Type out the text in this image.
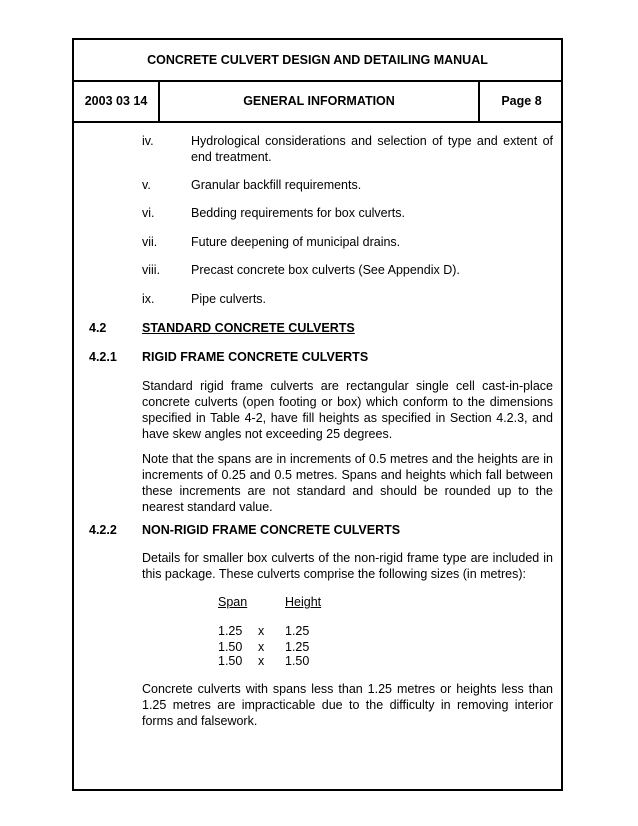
CONCRETE CULVERT DESIGN AND DETAILING MANUAL
2003 03 14	GENERAL INFORMATION	Page 8
iv.	Hydrological considerations and selection of type and extent of end treatment.
v.	Granular backfill requirements.
vi.	Bedding requirements for box culverts.
vii.	Future deepening of municipal drains.
viii. Precast concrete box culverts (See Appendix D).
ix.	Pipe culverts.
4.2	STANDARD CONCRETE CULVERTS
4.2.1 RIGID FRAME CONCRETE CULVERTS
Standard rigid frame culverts are rectangular single cell cast-in-place concrete culverts (open footing or box) which conform to the dimensions specified in Table 4-2, have fill heights as specified in Section 4.2.3, and have skew angles not exceeding 25 degrees.
Note that the spans are in increments of 0.5 metres and the heights are in increments of 0.25 and 0.5 metres. Spans and heights which fall between these increments are not standard and should be rounded up to the nearest standard value.
4.2.2 NON-RIGID FRAME CONCRETE CULVERTS
Details for smaller box culverts of the non-rigid frame type are included in this package. These culverts comprise the following sizes (in metres):
Span	Height
1.25 x 1.25
1.50 x 1.25
1.50 x 1.50
Concrete culverts with spans less than 1.25 metres or heights less than 1.25 metres are impracticable due to the difficulty in removing interior forms and falsework.
